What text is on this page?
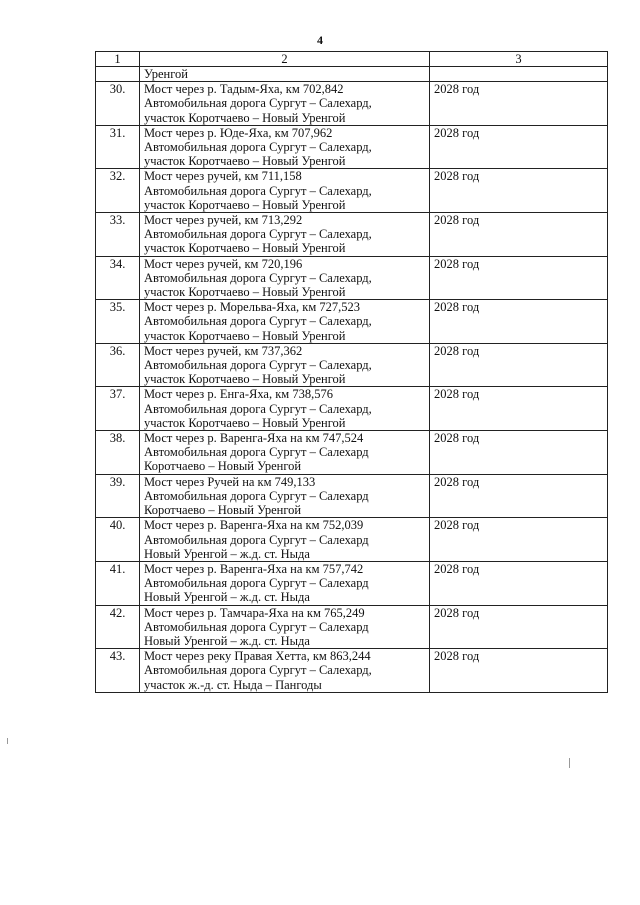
4
1	2	3
	Уренгой	
30.	Мост через р. Тадым-Яха, км 702,842
Автомобильная дорога Сургут – Салехард,
участок Коротчаево – Новый Уренгой	2028 год
31.	Мост через р. Юде-Яха, км 707,962
Автомобильная дорога Сургут – Салехард,
участок Коротчаево – Новый Уренгой	2028 год
32.	Мост через ручей, км 711,158
Автомобильная дорога Сургут – Салехард,
участок Коротчаево – Новый Уренгой	2028 год
33.	Мост через ручей, км 713,292
Автомобильная дорога Сургут – Салехард,
участок Коротчаево – Новый Уренгой	2028 год
34.	Мост через ручей, км 720,196
Автомобильная дорога Сургут – Салехард,
участок Коротчаево – Новый Уренгой	2028 год
35.	Мост через р. Морельва-Яха, км 727,523
Автомобильная дорога Сургут – Салехард,
участок Коротчаево – Новый Уренгой	2028 год
36.	Мост через ручей, км 737,362
Автомобильная дорога Сургут – Салехард,
участок Коротчаево – Новый Уренгой	2028 год
37.	Мост через р. Енга-Яха, км 738,576
Автомобильная дорога Сургут – Салехард,
участок Коротчаево – Новый Уренгой	2028 год
38.	Мост через р. Варенга-Яха на км 747,524
Автомобильная дорога Сургут – Салехард
Коротчаево – Новый Уренгой	2028 год
39.	Мост через Ручей на км 749,133
Автомобильная дорога Сургут – Салехард
Коротчаево – Новый Уренгой	2028 год
40.	Мост через р. Варенга-Яха на км 752,039
Автомобильная дорога Сургут – Салехард
Новый Уренгой – ж.д. ст. Ныда	2028 год
41.	Мост через р. Варенга-Яха на км 757,742
Автомобильная дорога Сургут – Салехард
Новый Уренгой – ж.д. ст. Ныда	2028 год
42.	Мост через р. Тамчара-Яха на км 765,249
Автомобильная дорога Сургут – Салехард
Новый Уренгой – ж.д. ст. Ныда	2028 год
43.	Мост через реку Правая Хетта, км 863,244
Автомобильная дорога Сургут – Салехард,
участок ж.-д. ст. Ныда – Пангоды	2028 год
